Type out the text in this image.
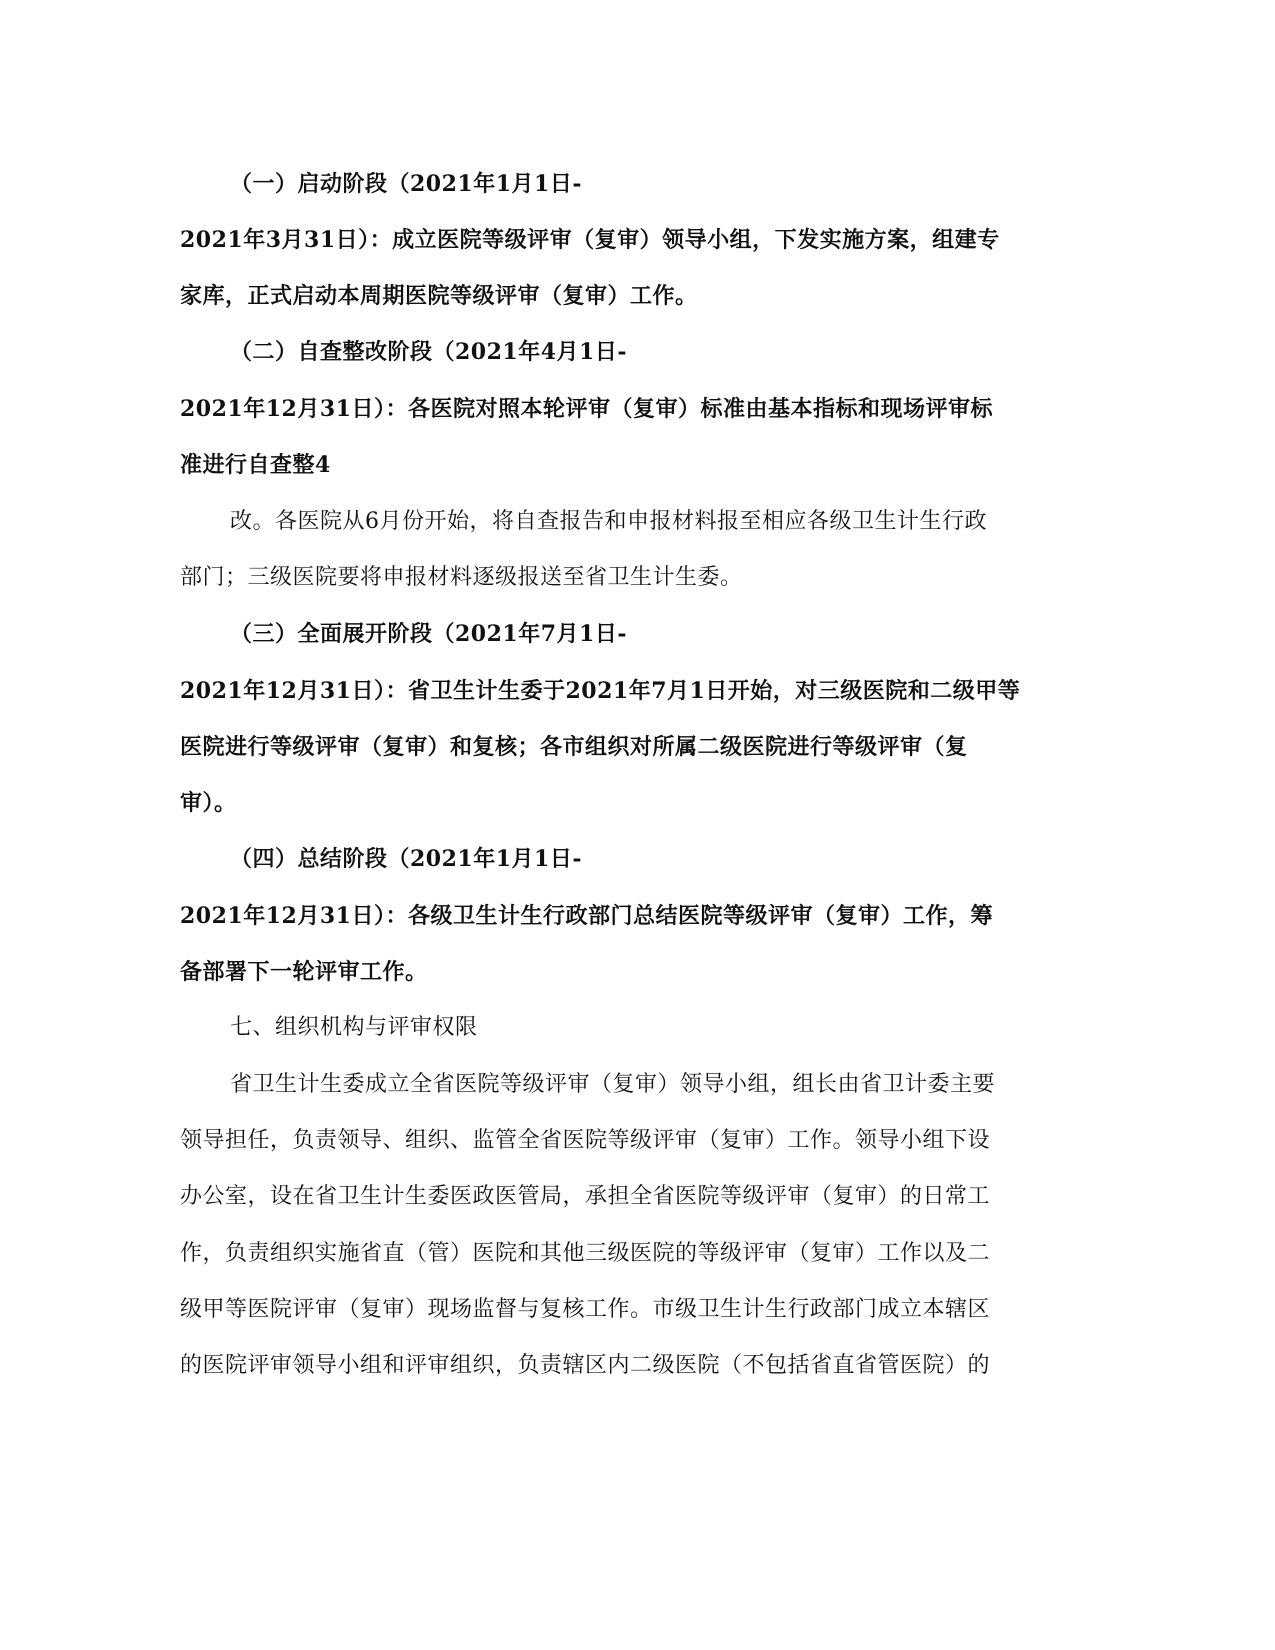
（一）启动阶段（2021年1月1日-
2021年3月31日）：成立医院等级评审（复审）领导小组，下发实施方案，组建专
家库，正式启动本周期医院等级评审（复审）工作。
（二）自查整改阶段（2021年4月1日-
2021年12月31日）：各医院对照本轮评审（复审）标准由基本指标和现场评审标
准进行自查整4
改。各医院从6月份开始，将自查报告和申报材料报至相应各级卫生计生行政
部门；三级医院要将申报材料逐级报送至省卫生计生委。
（三）全面展开阶段（2021年7月1日-
2021年12月31日）：省卫生计生委于2021年7月1日开始，对三级医院和二级甲等
医院进行等级评审（复审）和复核；各市组织对所属二级医院进行等级评审（复
审）。
（四）总结阶段（2021年1月1日-
2021年12月31日）：各级卫生计生行政部门总结医院等级评审（复审）工作，筹
备部署下一轮评审工作。
七、组织机构与评审权限
省卫生计生委成立全省医院等级评审（复审）领导小组，组长由省卫计委主要
领导担任，负责领导、组织、监管全省医院等级评审（复审）工作。领导小组下设
办公室，设在省卫生计生委医政医管局，承担全省医院等级评审（复审）的日常工
作，负责组织实施省直（管）医院和其他三级医院的等级评审（复审）工作以及二
级甲等医院评审（复审）现场监督与复核工作。市级卫生计生行政部门成立本辖区
的医院评审领导小组和评审组织，负责辖区内二级医院（不包括省直省管医院）的
